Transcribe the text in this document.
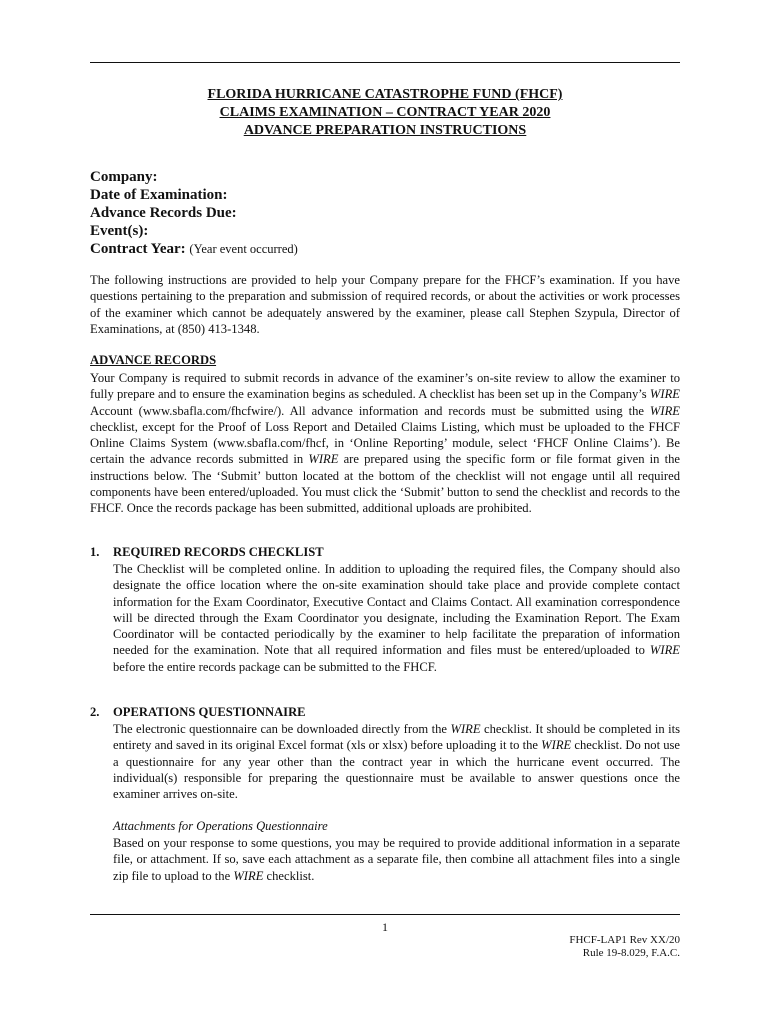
FLORIDA HURRICANE CATASTROPHE FUND (FHCF)
CLAIMS EXAMINATION – CONTRACT YEAR 2020
ADVANCE PREPARATION INSTRUCTIONS
Company:
Date of Examination:
Advance Records Due:
Event(s):
Contract Year: (Year event occurred)

The following instructions are provided to help your Company prepare for the FHCF’s examination. If you have questions pertaining to the preparation and submission of required records, or about the activities or work processes of the examiner which cannot be adequately answered by the examiner, please call Stephen Szypula, Director of Examinations, at (850) 413-1348.

ADVANCE RECORDS

Your Company is required to submit records in advance of the examiner’s on-site review to allow the examiner to fully prepare and to ensure the examination begins as scheduled. A checklist has been set up in the Company’s WIRE Account (www.sbafla.com/fhcfwire/). All advance information and records must be submitted using the WIRE checklist, except for the Proof of Loss Report and Detailed Claims Listing, which must be uploaded to the FHCF Online Claims System (www.sbafla.com/fhcf, in ‘Online Reporting’ module, select ‘FHCF Online Claims’). Be certain the advance records submitted in WIRE are prepared using the specific form or file format given in the instructions below. The ‘Submit’ button located at the bottom of the checklist will not engage until all required components have been entered/uploaded. You must click the ‘Submit’ button to send the checklist and records to the FHCF. Once the records package has been submitted, additional uploads are prohibited.

1. REQUIRED RECORDS CHECKLIST

The Checklist will be completed online. In addition to uploading the required files, the Company should also designate the office location where the on-site examination should take place and provide complete contact information for the Exam Coordinator, Executive Contact and Claims Contact. All examination correspondence will be directed through the Exam Coordinator you designate, including the Examination Report. The Exam Coordinator will be contacted periodically by the examiner to help facilitate the preparation of information needed for the examination. Note that all required information and files must be entered/uploaded to WIRE before the entire records package can be submitted to the FHCF.

2. OPERATIONS QUESTIONNAIRE

The electronic questionnaire can be downloaded directly from the WIRE checklist. It should be completed in its entirety and saved in its original Excel format (xls or xlsx) before uploading it to the WIRE checklist. Do not use a questionnaire for any year other than the contract year in which the hurricane event occurred. The individual(s) responsible for preparing the questionnaire must be available to answer questions once the examiner arrives on-site.

Attachments for Operations Questionnaire

Based on your response to some questions, you may be required to provide additional information in a separate file, or attachment. If so, save each attachment as a separate file, then combine all attachment files into a single zip file to upload to the WIRE checklist.

1
FHCF-LAP1 Rev XX/20
Rule 19-8.029, F.A.C.
